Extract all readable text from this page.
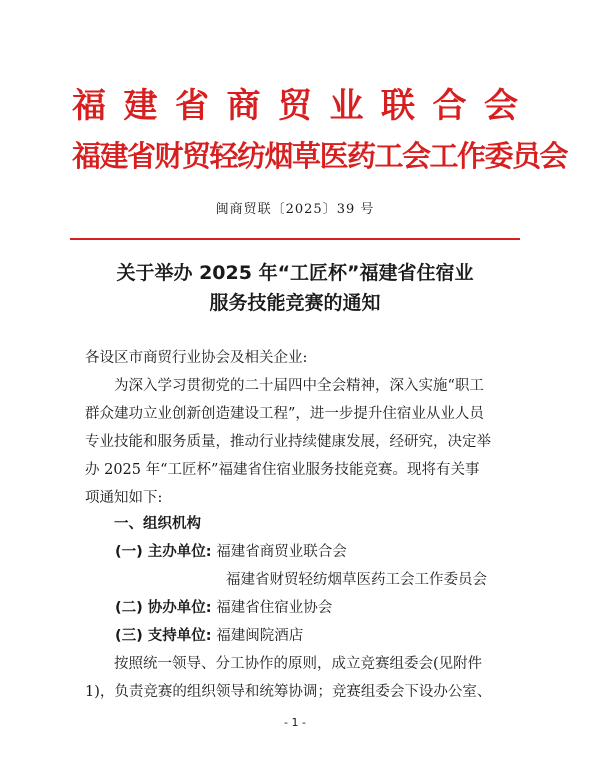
福 建 省 商 贸 业 联 合 会
福建省财贸轻纺烟草医药工会工作委员会
闽商贸联〔2025〕39 号
关于举办 2025 年“工匠杯”福建省住宿业
服务技能竞赛的通知
各设区市商贸行业协会及相关企业:
为深入学习贯彻党的二十届四中全会精神，深入实施“职工
群众建功立业创新创造建设工程”，进一步提升住宿业从业人员
专业技能和服务质量，推动行业持续健康发展，经研究，决定举
办 2025 年“工匠杯”福建省住宿业服务技能竞赛。现将有关事
项通知如下:
一、组织机构
(一) 主办单位: 福建省商贸业联合会
福建省财贸轻纺烟草医药工会工作委员会
(二) 协办单位: 福建省住宿业协会
(三) 支持单位: 福建闽院酒店
按照统一领导、分工协作的原则，成立竞赛组委会(见附件
1)，负责竞赛的组织领导和统筹协调；竞赛组委会下设办公室、
- 1 -
